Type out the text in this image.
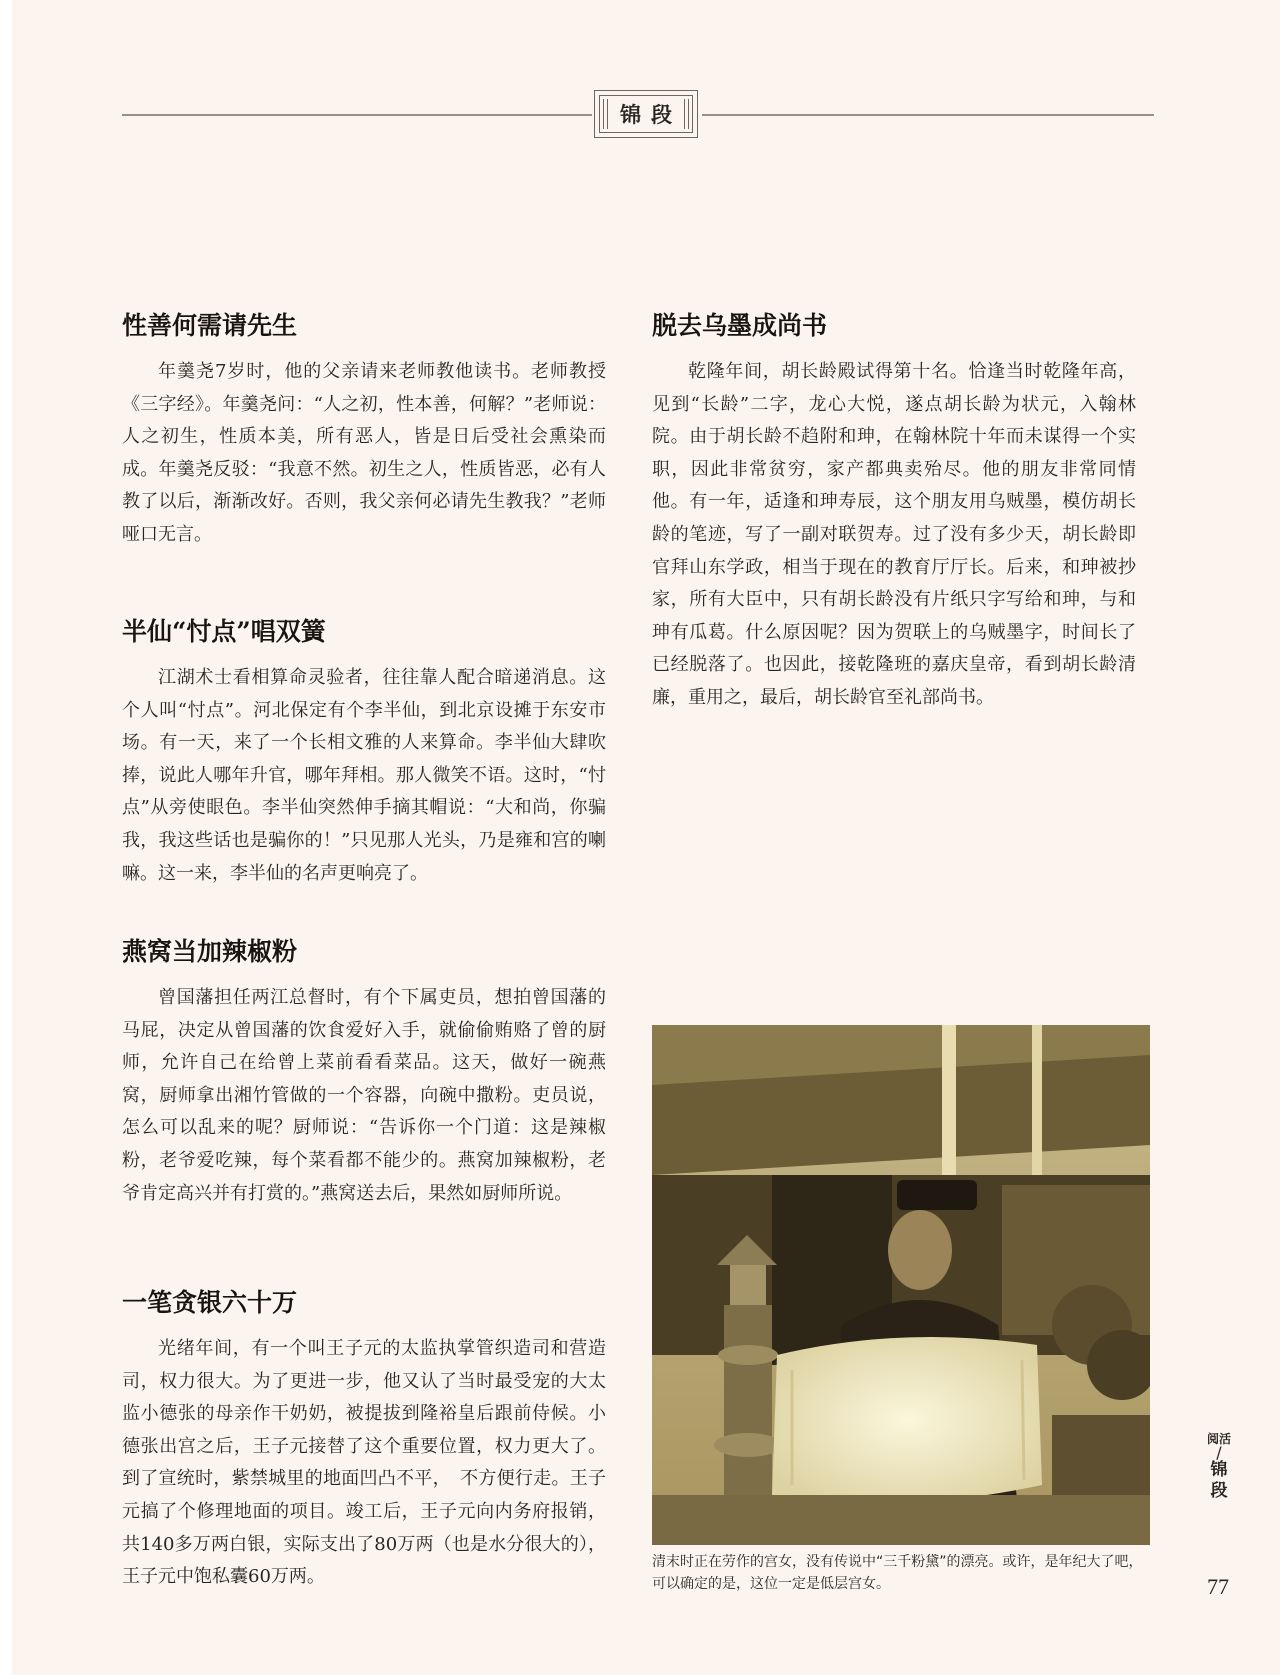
锦段
性善何需请先生

年羹尧7岁时，他的父亲请来老师教他读书。老师教授《三字经》。年羹尧问：“人之初，性本善，何解？”老师说：人之初生，性质本美，所有恶人，皆是日后受社会熏染而成。年羹尧反驳：“我意不然。初生之人，性质皆恶，必有人教了以后，渐渐改好。否则，我父亲何必请先生教我？”老师哑口无言。

半仙“忖点”唱双簧

江湖术士看相算命灵验者，往往靠人配合暗递消息。这个人叫“忖点”。河北保定有个李半仙，到北京设摊于东安市场。有一天，来了一个长相文雅的人来算命。李半仙大肆吹捧，说此人哪年升官，哪年拜相。那人微笑不语。这时，“忖点”从旁使眼色。李半仙突然伸手摘其帽说：“大和尚，你骗我，我这些话也是骗你的！”只见那人光头，乃是雍和宫的喇嘛。这一来，李半仙的名声更响亮了。

燕窝当加辣椒粉

曾国藩担任两江总督时，有个下属吏员，想拍曾国藩的马屁，决定从曾国藩的饮食爱好入手，就偷偷贿赂了曾的厨师，允许自己在给曾上菜前看看菜品。这天，做好一碗燕窝，厨师拿出湘竹管做的一个容器，向碗中撒粉。吏员说，怎么可以乱来的呢？厨师说：“告诉你一个门道：这是辣椒粉，老爷爱吃辣，每个菜看都不能少的。燕窝加辣椒粉，老爷肯定高兴并有打赏的。”燕窝送去后，果然如厨师所说。

一笔贪银六十万

光绪年间，有一个叫王子元的太监执掌管织造司和营造司，权力很大。为了更进一步，他又认了当时最受宠的大太监小德张的母亲作干奶奶，被提拔到隆裕皇后跟前侍候。小德张出宫之后，王子元接替了这个重要位置，权力更大了。到了宣统时，紫禁城里的地面凹凸不平，　不方便行走。王子元搞了个修理地面的项目。竣工后，王子元向内务府报销，共140多万两白银，实际支出了80万两（也是水分很大的），王子元中饱私囊60万两。

脱去乌墨成尚书

乾隆年间，胡长龄殿试得第十名。恰逢当时乾隆年高，见到“长龄”二字，龙心大悦，遂点胡长龄为状元，入翰林院。由于胡长龄不趋附和珅，在翰林院十年而未谋得一个实职，因此非常贫穷，家产都典卖殆尽。他的朋友非常同情他。有一年，适逢和珅寿辰，这个朋友用乌贼墨，模仿胡长龄的笔迹，写了一副对联贺寿。过了没有多少天，胡长龄即官拜山东学政，相当于现在的教育厅厅长。后来，和珅被抄家，所有大臣中，只有胡长龄没有片纸只字写给和珅，与和珅有瓜葛。什么原因呢？因为贺联上的乌贼墨字，时间长了已经脱落了。也因此，接乾隆班的嘉庆皇帝，看到胡长龄清廉，重用之，最后，胡长龄官至礼部尚书。

清末时正在劳作的宫女，没有传说中“三千粉黛”的漂亮。或许，是年纪大了吧，可以确定的是，这位一定是低层宫女。
阅活
/
锦段
77
